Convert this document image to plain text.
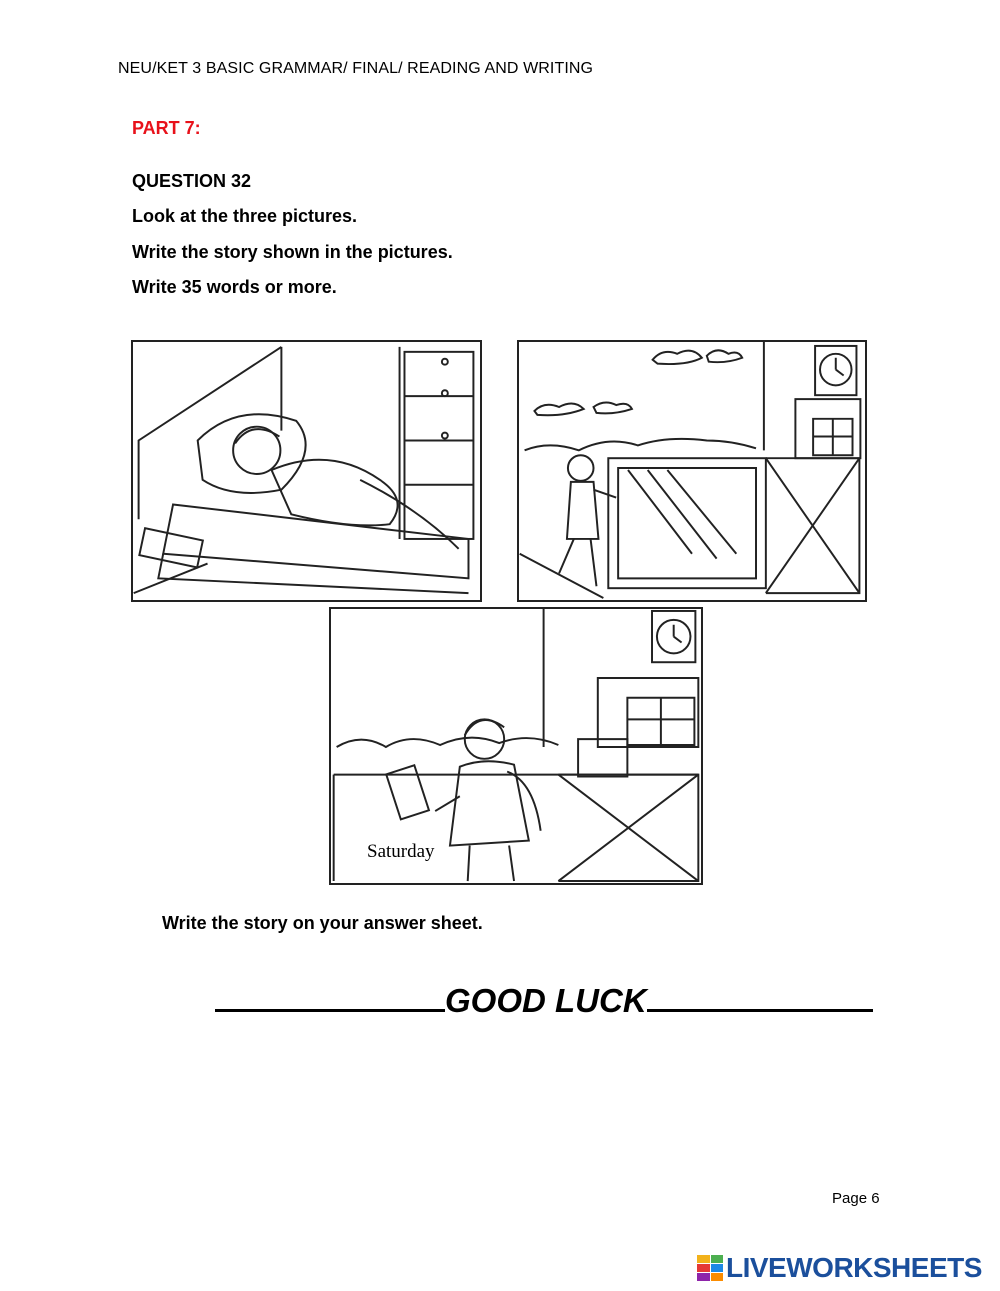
NEU/KET 3 BASIC GRAMMAR/ FINAL/ READING AND WRITING
PART 7:
QUESTION 32
Look at the three pictures.
Write the story shown in the pictures.
Write 35 words or more.
Saturday
Write the story on your answer sheet.
GOOD LUCK
Page 6
LIVEWORKSHEETS
